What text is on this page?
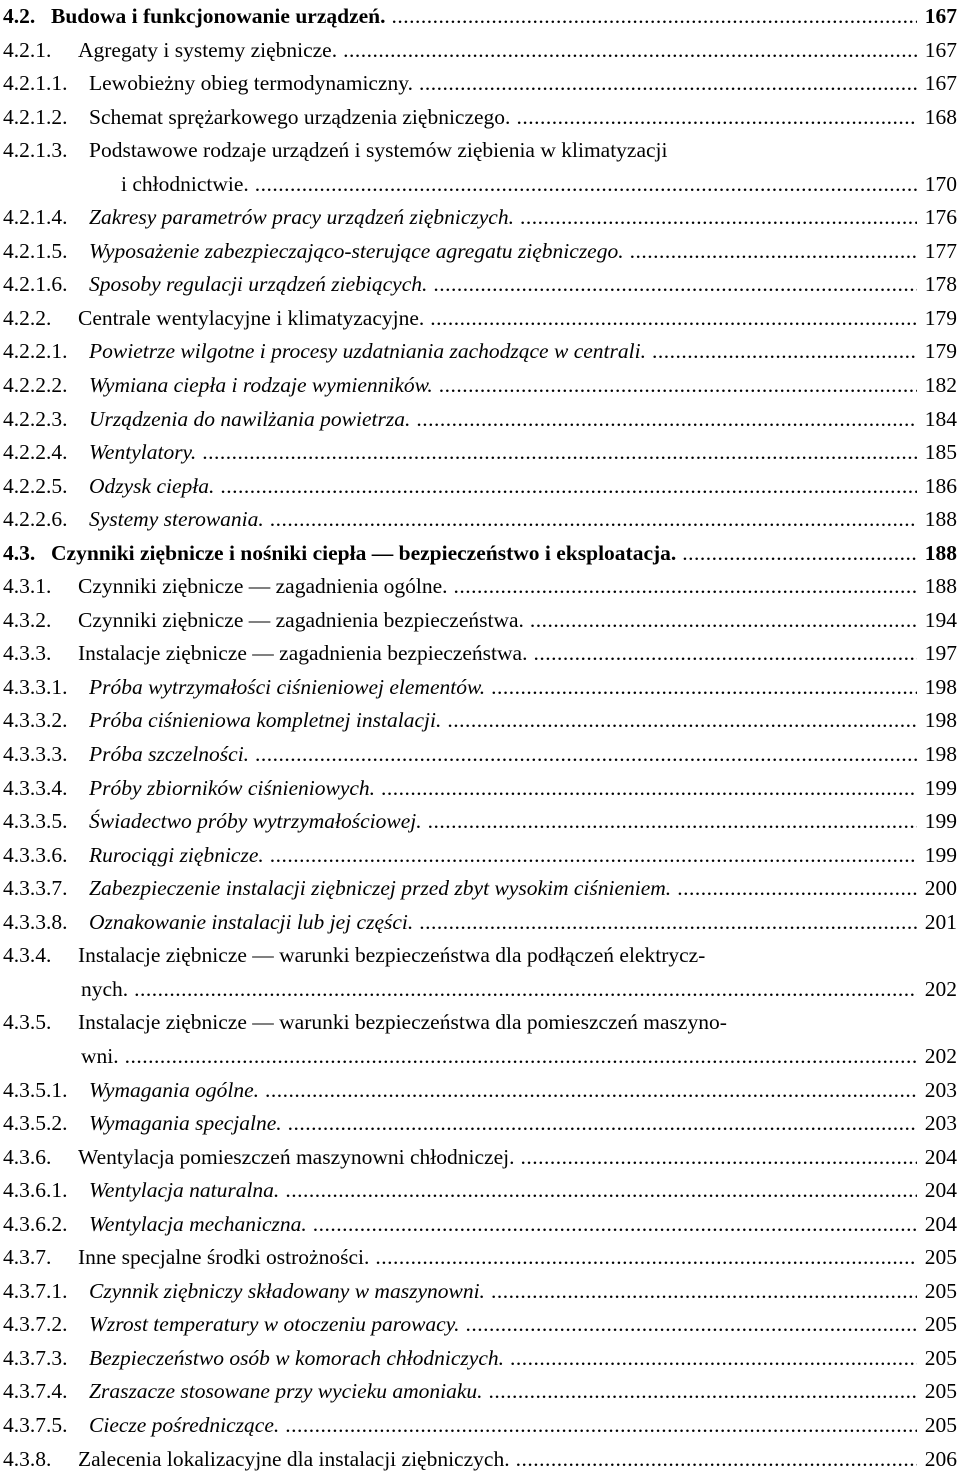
4.2. Budowa i funkcjonowanie urządzeń. .....	167
4.2.1. Agregaty i systemy ziębnicze. .....	167
4.2.1.1. Lewobieżny obieg termodynamiczny. .....	167
4.2.1.2. Schemat sprężarkowego urządzenia ziębniczego. .....	168
4.2.1.3. Podstawowe rodzaje urządzeń i systemów ziębienia w klimatyzacji
i chłodnictwie. .....	170
4.2.1.4. Zakresy parametrów pracy urządzeń ziębniczych. .....	176
4.2.1.5. Wyposażenie zabezpieczająco-sterujące agregatu ziębniczego. .....	177
4.2.1.6. Sposoby regulacji urządzeń ziebiących. .....	178
4.2.2. Centrale wentylacyjne i klimatyzacyjne. .....	179
4.2.2.1. Powietrze wilgotne i procesy uzdatniania zachodzące w centrali. .....	179
4.2.2.2. Wymiana ciepła i rodzaje wymienników. .....	182
4.2.2.3. Urządzenia do nawilżania powietrza. .....	184
4.2.2.4. Wentylatory. .....	185
4.2.2.5. Odzysk ciepła. .....	186
4.2.2.6. Systemy sterowania. .....	188
4.3. Czynniki ziębnicze i nośniki ciepła — bezpieczeństwo i eksploatacja. .....	188
4.3.1. Czynniki ziębnicze — zagadnienia ogólne. .....	188
4.3.2. Czynniki ziębnicze — zagadnienia bezpieczeństwa. .....	194
4.3.3. Instalacje ziębnicze — zagadnienia bezpieczeństwa. .....	197
4.3.3.1. Próba wytrzymałości ciśnieniowej elementów. .....	198
4.3.3.2. Próba ciśnieniowa kompletnej instalacji. .....	198
4.3.3.3. Próba szczelności. .....	198
4.3.3.4. Próby zbiorników ciśnieniowych. .....	199
4.3.3.5. Świadectwo próby wytrzymałościowej. .....	199
4.3.3.6. Rurociągi ziębnicze. .....	199
4.3.3.7. Zabezpieczenie instalacji ziębniczej przed zbyt wysokim ciśnieniem. .....	200
4.3.3.8. Oznakowanie instalacji lub jej części. .....	201
4.3.4. Instalacje ziębnicze — warunki bezpieczeństwa dla podłączeń elektrycz-
nych. .....	202
4.3.5. Instalacje ziębnicze — warunki bezpieczeństwa dla pomieszczeń maszyno-
wni. .....	202
4.3.5.1. Wymagania ogólne. .....	203
4.3.5.2. Wymagania specjalne. .....	203
4.3.6. Wentylacja pomieszczeń maszynowni chłodniczej. .....	204
4.3.6.1. Wentylacja naturalna. .....	204
4.3.6.2. Wentylacja mechaniczna. .....	204
4.3.7. Inne specjalne środki ostrożności. .....	205
4.3.7.1. Czynnik ziębniczy składowany w maszynowni. .....	205
4.3.7.2. Wzrost temperatury w otoczeniu parowacy. .....	205
4.3.7.3. Bezpieczeństwo osób w komorach chłodniczych. .....	205
4.3.7.4. Zraszacze stosowane przy wycieku amoniaku. .....	205
4.3.7.5. Ciecze pośredniczące. .....	205
4.3.8. Zalecenia lokalizacyjne dla instalacji ziębniczych. .....	206
